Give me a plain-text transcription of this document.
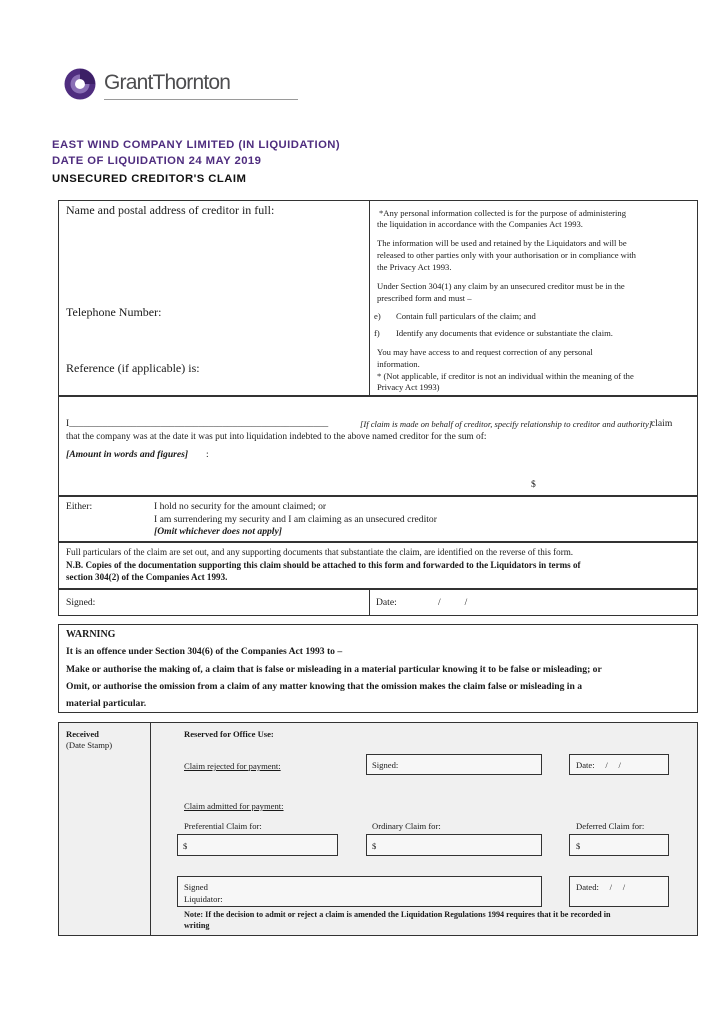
GrantThornton
EAST WIND COMPANY LIMITED (IN LIQUIDATION)
DATE OF LIQUIDATION 24 MAY 2019
UNSECURED CREDITOR'S CLAIM
Name and postal address of creditor in full:
Telephone Number:
Reference (if applicable) is:
*Any personal information collected is for the purpose of administering
the liquidation in accordance with the Companies Act 1993.
The information will be used and retained by the Liquidators and will be
released to other parties only with your authorisation or in compliance with
the Privacy Act 1993.
Under Section 304(1) any claim by an unsecured creditor must be in the
prescribed form and must –
e) Contain full particulars of the claim; and
f) Identify any documents that evidence or substantiate the claim.
You may have access to and request correction of any personal
information.
* (Not applicable, if creditor is not an individual within the meaning of the
Privacy Act 1993)
I______________________________________________________	[If claim is made on behalf of creditor, specify relationship to creditor and authority]
claim
that the company was at the date it was put into liquidation indebted to the above named creditor for the sum of:
[Amount in words and figures] :
$
Either:	I hold no security for the amount claimed; or
I am surrendering my security and I am claiming as an unsecured creditor
[Omit whichever does not apply]
Full particulars of the claim are set out, and any supporting documents that substantiate the claim, are identified on the reverse of this form.
N.B. Copies of the documentation supporting this claim should be attached to this form and forwarded to the Liquidators in terms of
section 304(2) of the Companies Act 1993.
Signed:	Date:	/          /
WARNING
It is an offence under Section 304(6) of the Companies Act 1993 to –
Make or authorise the making of, a claim that is false or misleading in a material particular knowing it to be false or misleading; or
Omit, or authorise the omission from a claim of any matter knowing that the omission makes the claim false or misleading in a
material particular.
Received
(Date Stamp)
Reserved for Office Use:
Claim rejected for payment:	Signed:	Date:     /     /
Claim admitted for payment:
Preferential Claim for:	Ordinary Claim for:	Deferred Claim for:
$	$	$
Signed
Liquidator:
Dated:     /     /
Note: If the decision to admit or reject a claim is amended the Liquidation Regulations 1994 requires that it be recorded in
writing
